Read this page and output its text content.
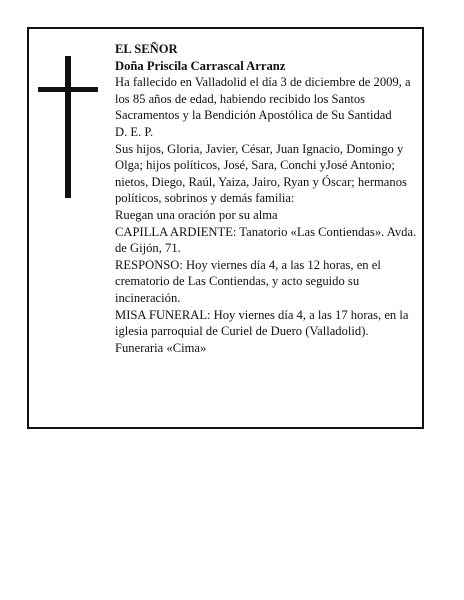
EL SEÑOR

Doña Priscila Carrascal Arranz

Ha fallecido en Valladolid el día 3 de diciembre de 2009, a los 85 años de edad, habiendo recibido los Santos Sacramentos y la Bendición Apostólica de Su Santidad

D. E. P.

Sus hijos, Gloria, Javier, César, Juan Ignacio, Domingo y Olga; hijos políticos, José, Sara, Conchi yJosé Antonio; nietos, Diego, Raúl, Yaiza, Jairo, Ryan y Óscar; hermanos políticos, sobrinos y demás familia:

Ruegan una oración por su alma

CAPILLA ARDIENTE: Tanatorio «Las Contiendas». Avda. de Gijón, 71.

RESPONSO: Hoy viernes día 4, a las 12 horas, en el crematorio de Las Contiendas, y acto seguido su incineración.

MISA FUNERAL: Hoy viernes día 4, a las 17 horas, en la iglesia parroquial de Curiel de Duero (Valladolid).

Funeraria «Cima»
